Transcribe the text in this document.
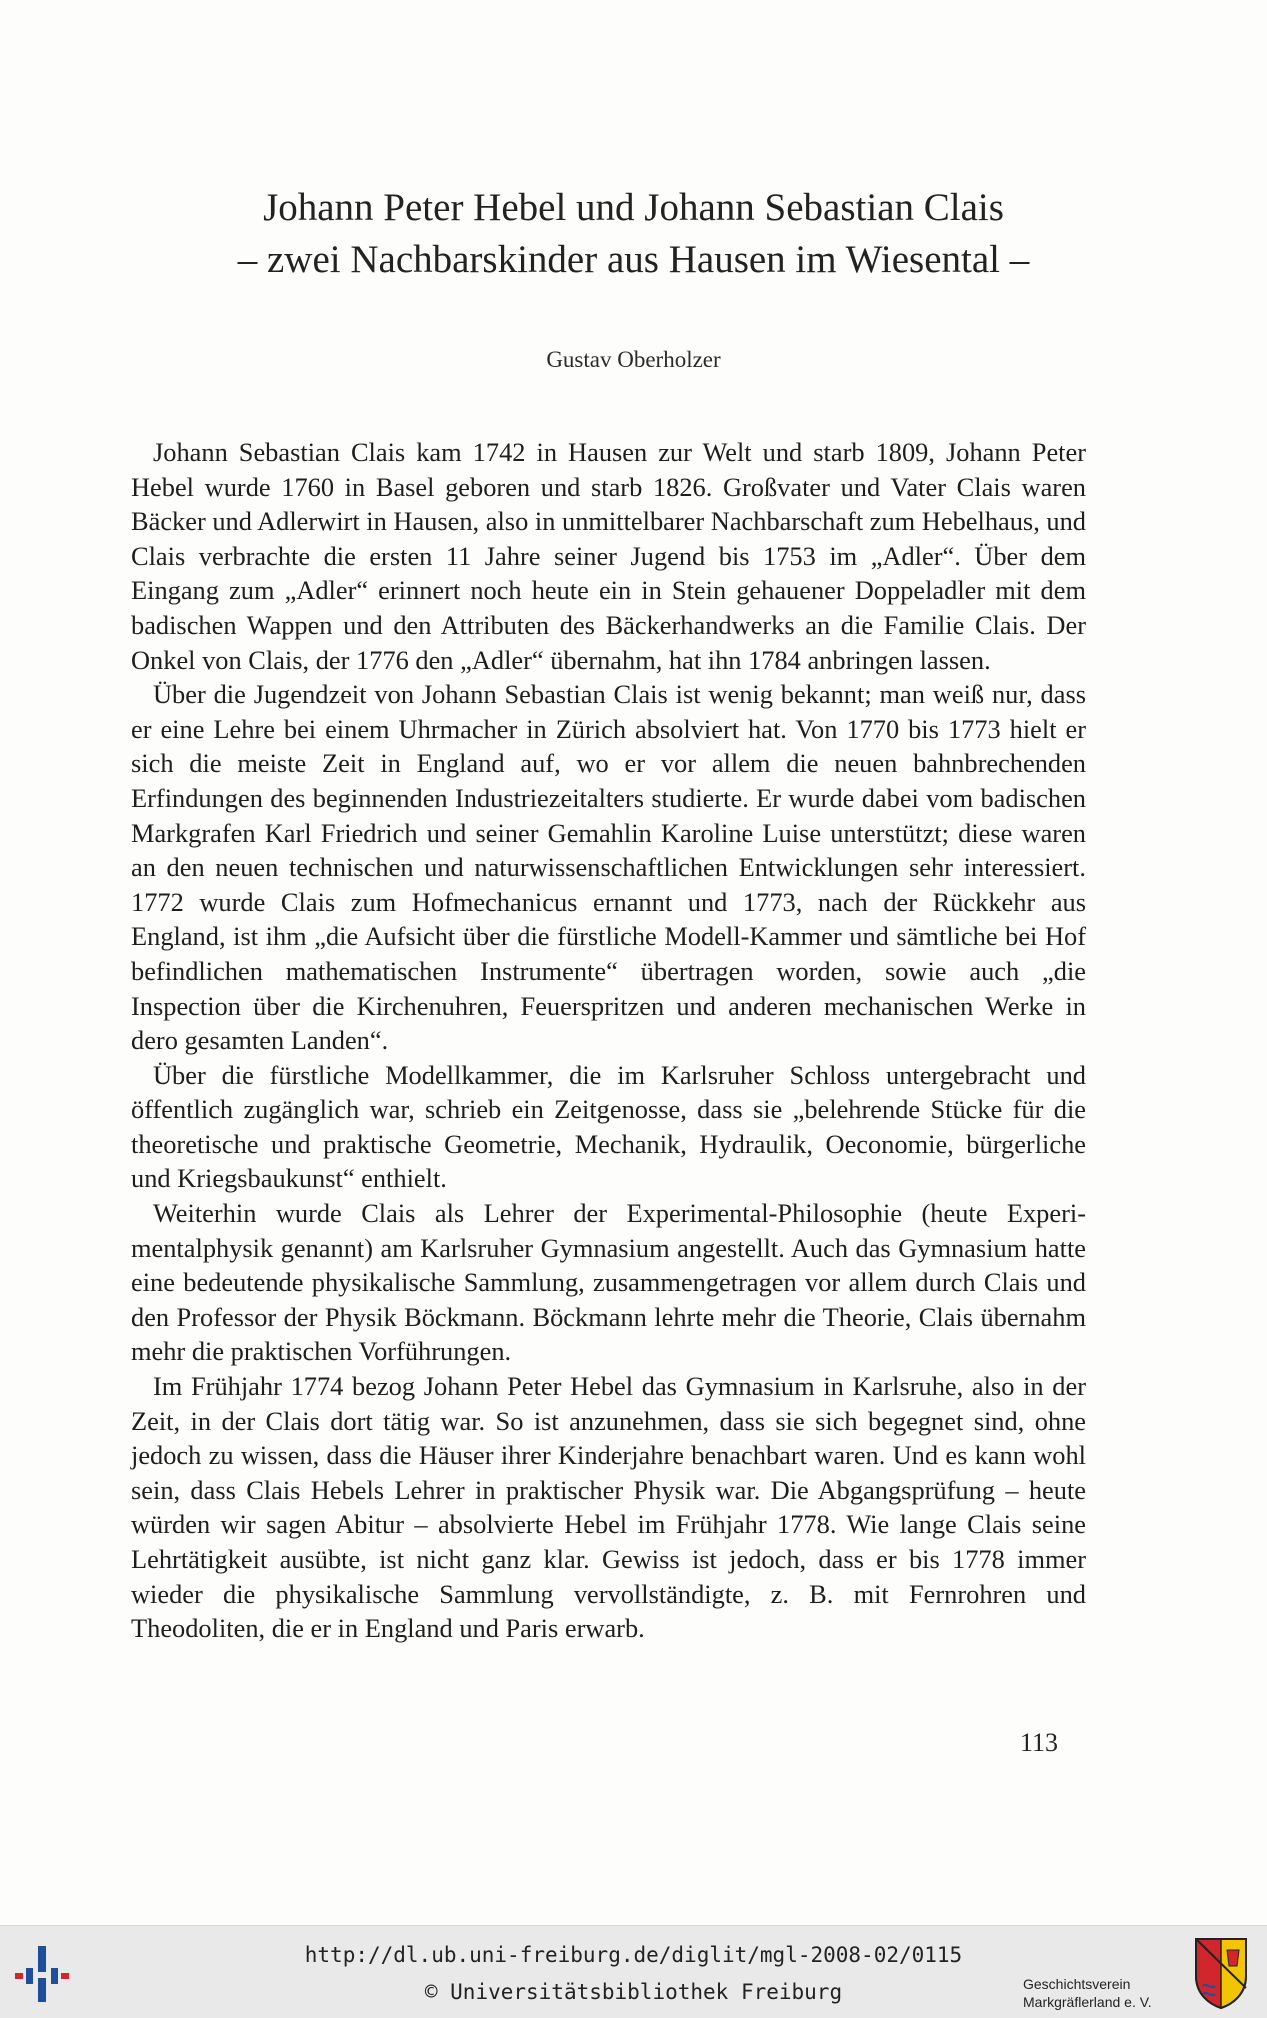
Johann Peter Hebel und Johann Sebastian Clais
– zwei Nachbarskinder aus Hausen im Wiesental –
Gustav Oberholzer

Johann Sebastian Clais kam 1742 in Hausen zur Welt und starb 1809, Johann Peter Hebel wurde 1760 in Basel geboren und starb 1826. Großvater und Vater Clais waren Bäcker und Adlerwirt in Hausen, also in unmittelbarer Nachbarschaft zum Hebelhaus, und Clais verbrachte die ersten 11 Jahre seiner Jugend bis 1753 im „Adler“. Über dem Eingang zum „Adler“ erinnert noch heute ein in Stein gehauener Doppeladler mit dem badischen Wappen und den Attributen des Bäckerhandwerks an die Familie Clais. Der Onkel von Clais, der 1776 den „Adler“ übernahm, hat ihn 1784 anbringen lassen.

Über die Jugendzeit von Johann Sebastian Clais ist wenig bekannt; man weiß nur, dass er eine Lehre bei einem Uhrmacher in Zürich absolviert hat. Von 1770 bis 1773 hielt er sich die meiste Zeit in England auf, wo er vor allem die neuen bahnbrechenden Erfindungen des beginnenden Industriezeitalters studierte. Er wurde dabei vom badischen Markgrafen Karl Friedrich und seiner Gemahlin Karoline Luise unterstützt; diese waren an den neuen technischen und naturwissenschaftlichen Entwicklungen sehr interessiert. 1772 wurde Clais zum Hofmechanicus ernannt und 1773, nach der Rückkehr aus England, ist ihm „die Aufsicht über die fürstliche Modell-Kammer und sämtliche bei Hof befindlichen mathematischen Instrumente“ übertragen worden, sowie auch „die Inspection über die Kirchenuhren, Feuerspritzen und anderen mechanischen Werke in dero gesamten Landen“.

Über die fürstliche Modellkammer, die im Karlsruher Schloss untergebracht und öffentlich zugänglich war, schrieb ein Zeitgenosse, dass sie „belehrende Stücke für die theoretische und praktische Geometrie, Mechanik, Hydraulik, Oeconomie, bürgerliche und Kriegsbaukunst“ enthielt.

Weiterhin wurde Clais als Lehrer der Experimental-Philosophie (heute Experimentalphysik genannt) am Karlsruher Gymnasium angestellt. Auch das Gymnasium hatte eine bedeutende physikalische Sammlung, zusammengetragen vor allem durch Clais und den Professor der Physik Böckmann. Böckmann lehrte mehr die Theorie, Clais übernahm mehr die praktischen Vorführungen.

Im Frühjahr 1774 bezog Johann Peter Hebel das Gymnasium in Karlsruhe, also in der Zeit, in der Clais dort tätig war. So ist anzunehmen, dass sie sich begegnet sind, ohne jedoch zu wissen, dass die Häuser ihrer Kinderjahre benachbart waren. Und es kann wohl sein, dass Clais Hebels Lehrer in praktischer Physik war. Die Abgangsprüfung – heute würden wir sagen Abitur – absolvierte Hebel im Frühjahr 1778. Wie lange Clais seine Lehrtätigkeit ausübte, ist nicht ganz klar. Gewiss ist jedoch, dass er bis 1778 immer wieder die physikalische Sammlung vervollständigte, z. B. mit Fernrohren und Theodoliten, die er in England und Paris erwarb.

113
http://dl.ub.uni-freiburg.de/diglit/mgl-2008-02/0115
© Universitätsbibliothek Freiburg	Geschichtsverein
Markgräflerland e. V.
